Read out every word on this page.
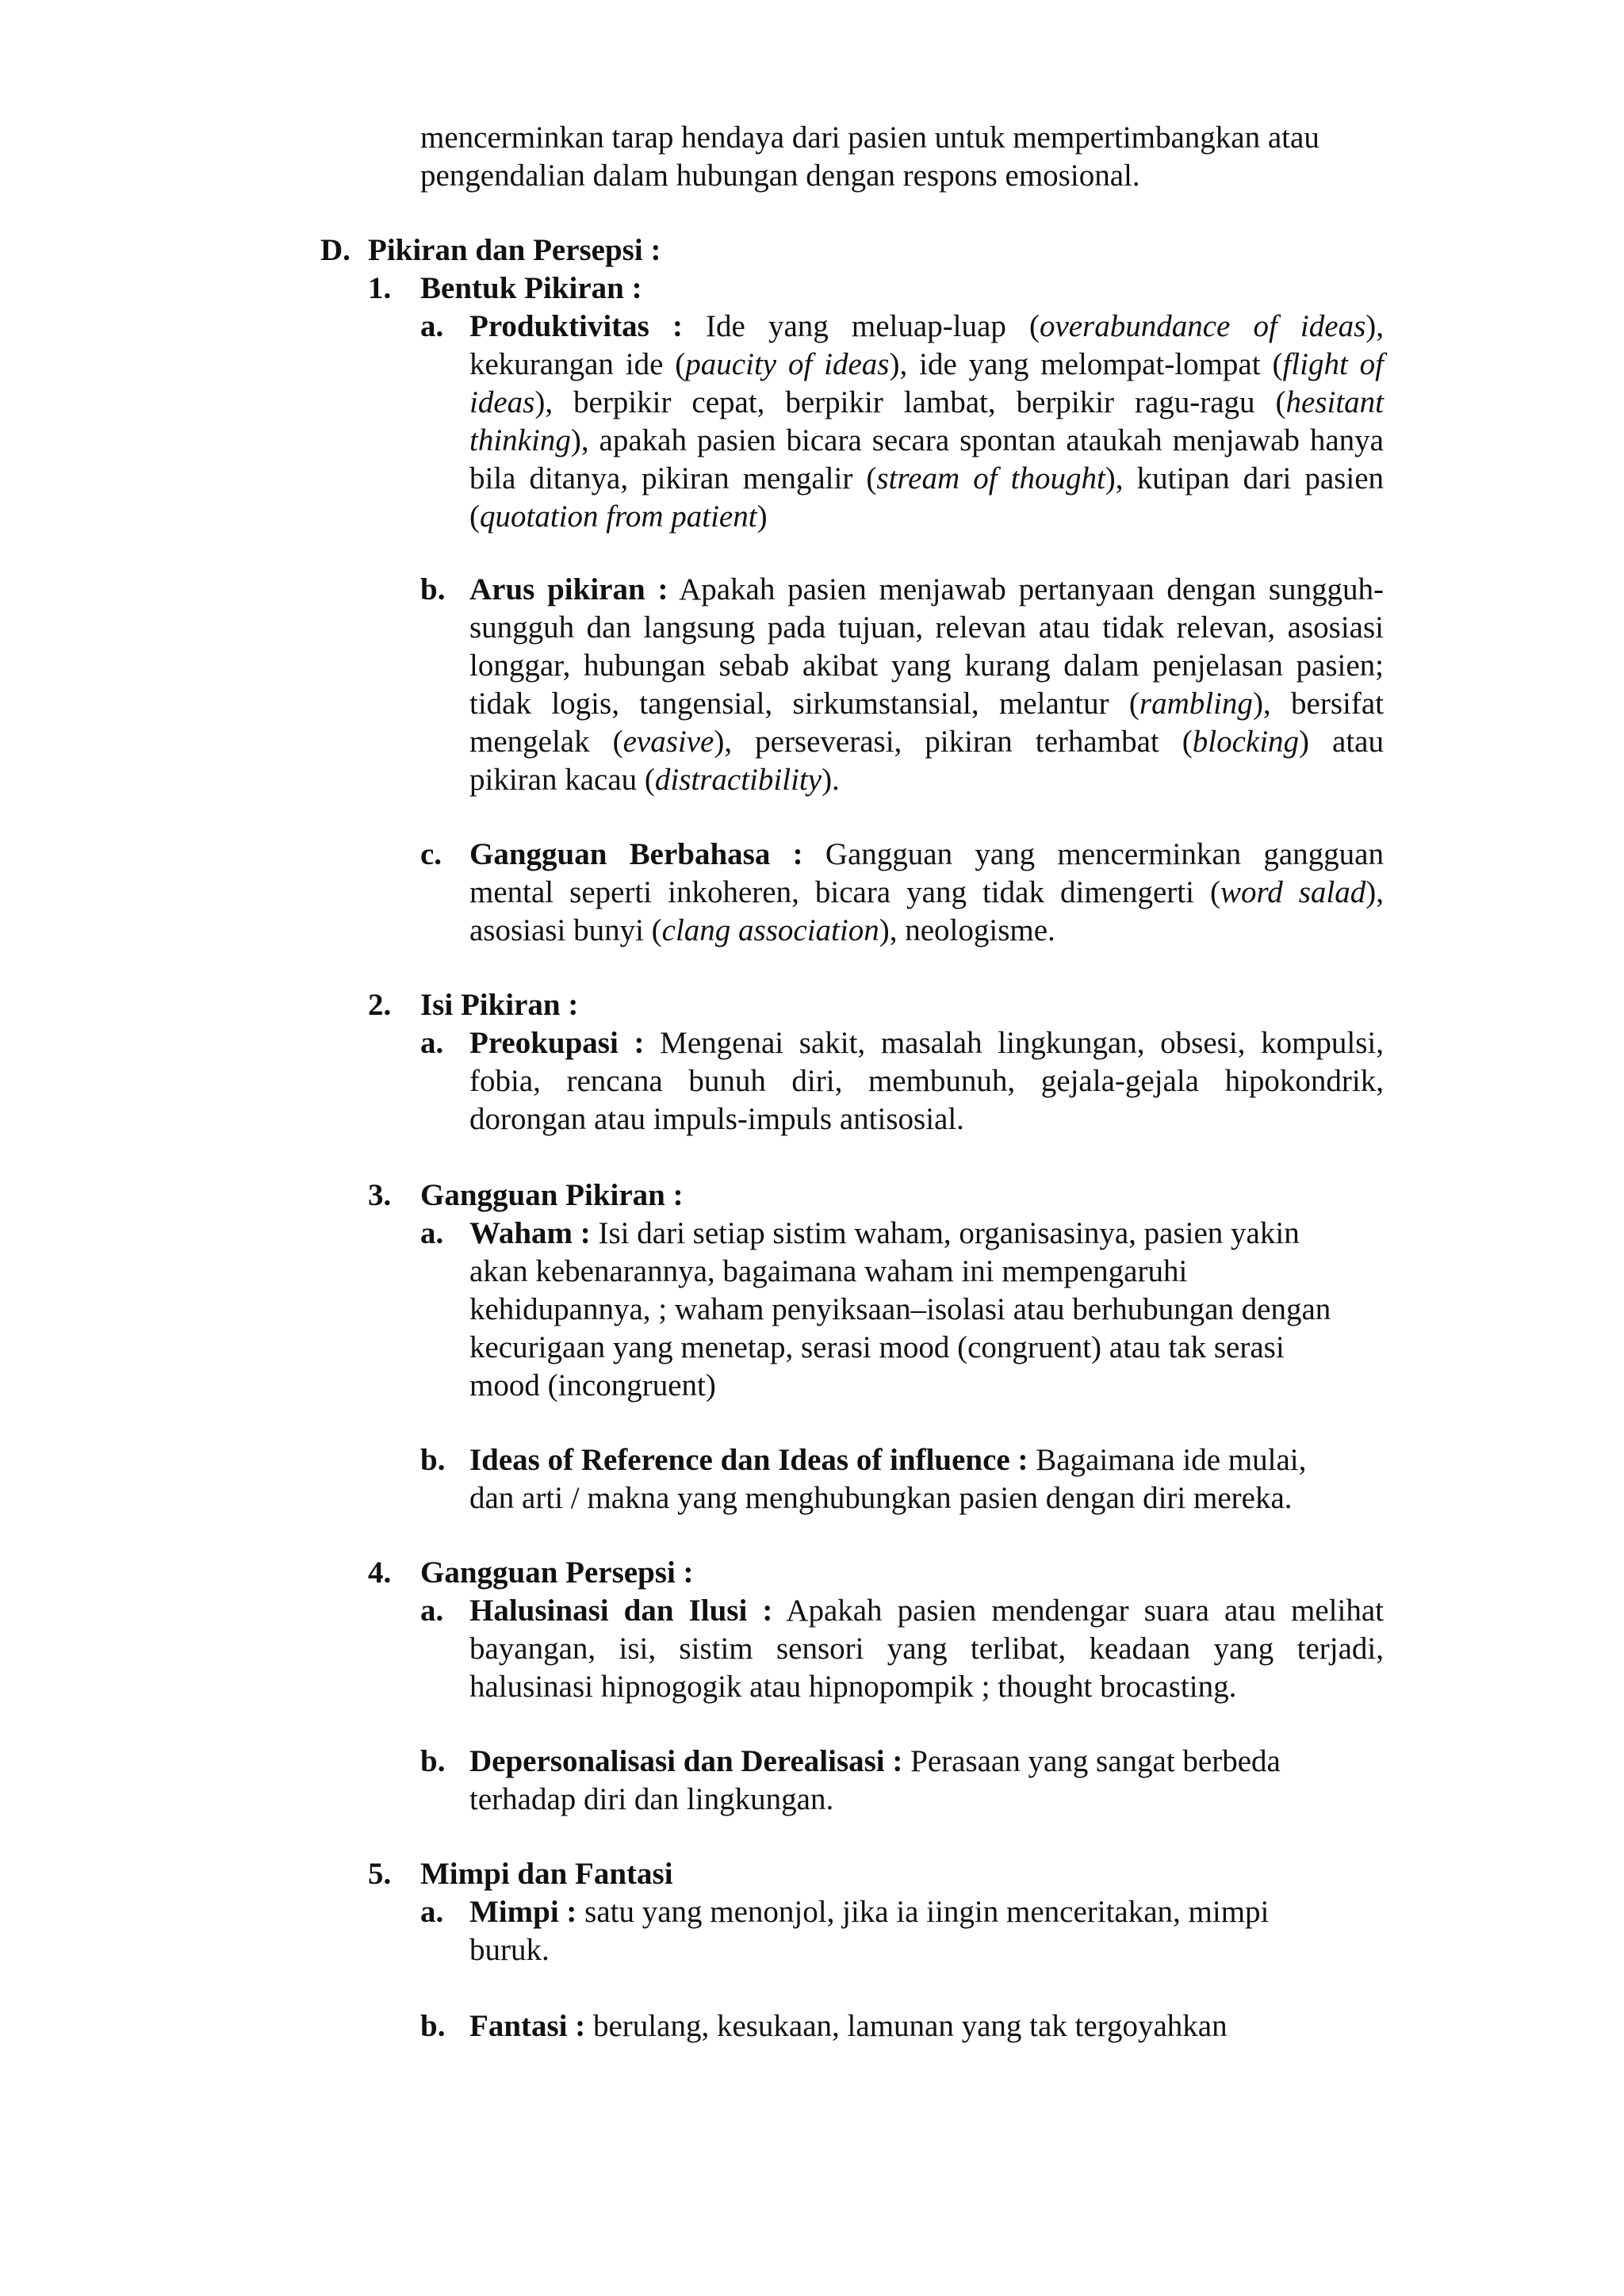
mencerminkan tarap hendaya dari pasien untuk mempertimbangkan atau
pengendalian dalam hubungan dengan respons emosional.
D. Pikiran dan Persepsi :
1. Bentuk Pikiran :
a. Produktivitas : Ide yang meluap-luap (overabundance of ideas), kekurangan ide (paucity of ideas), ide yang melompat-lompat (flight of ideas), berpikir cepat, berpikir lambat, berpikir ragu-ragu (hesitant thinking), apakah pasien bicara secara spontan ataukah menjawab hanya bila ditanya, pikiran mengalir (stream of thought), kutipan dari pasien (quotation from patient)
b. Arus pikiran : Apakah pasien menjawab pertanyaan dengan sungguh-sungguh dan langsung pada tujuan, relevan atau tidak relevan, asosiasi longgar, hubungan sebab akibat yang kurang dalam penjelasan pasien; tidak logis, tangensial, sirkumstansial, melantur (rambling), bersifat mengelak (evasive), perseverasi, pikiran terhambat (blocking) atau pikiran kacau (distractibility).
c. Gangguan Berbahasa : Gangguan yang mencerminkan gangguan mental seperti inkoheren, bicara yang tidak dimengerti (word salad), asosiasi bunyi (clang association), neologisme.
2. Isi Pikiran :
a. Preokupasi : Mengenai sakit, masalah lingkungan, obsesi, kompulsi, fobia, rencana bunuh diri, membunuh, gejala-gejala hipokondrik, dorongan atau impuls-impuls antisosial.
3. Gangguan Pikiran :
a. Waham : Isi dari setiap sistim waham, organisasinya, pasien yakin
akan kebenarannya, bagaimana waham ini mempengaruhi
kehidupannya, ; waham penyiksaan–isolasi atau berhubungan dengan
kecurigaan yang menetap, serasi mood (congruent) atau tak serasi
mood (incongruent)
b. Ideas of Reference dan Ideas of influence : Bagaimana ide mulai,
dan arti / makna yang menghubungkan pasien dengan diri mereka.
4. Gangguan Persepsi :
a. Halusinasi dan Ilusi : Apakah pasien mendengar suara atau melihat bayangan, isi, sistim sensori yang terlibat, keadaan yang terjadi, halusinasi hipnogogik atau hipnopompik ; thought brocasting.
b. Depersonalisasi dan Derealisasi : Perasaan yang sangat berbeda
terhadap diri dan lingkungan.
5. Mimpi dan Fantasi
a. Mimpi : satu yang menonjol, jika ia iingin menceritakan, mimpi
buruk.
b. Fantasi : berulang, kesukaan, lamunan yang tak tergoyahkan
